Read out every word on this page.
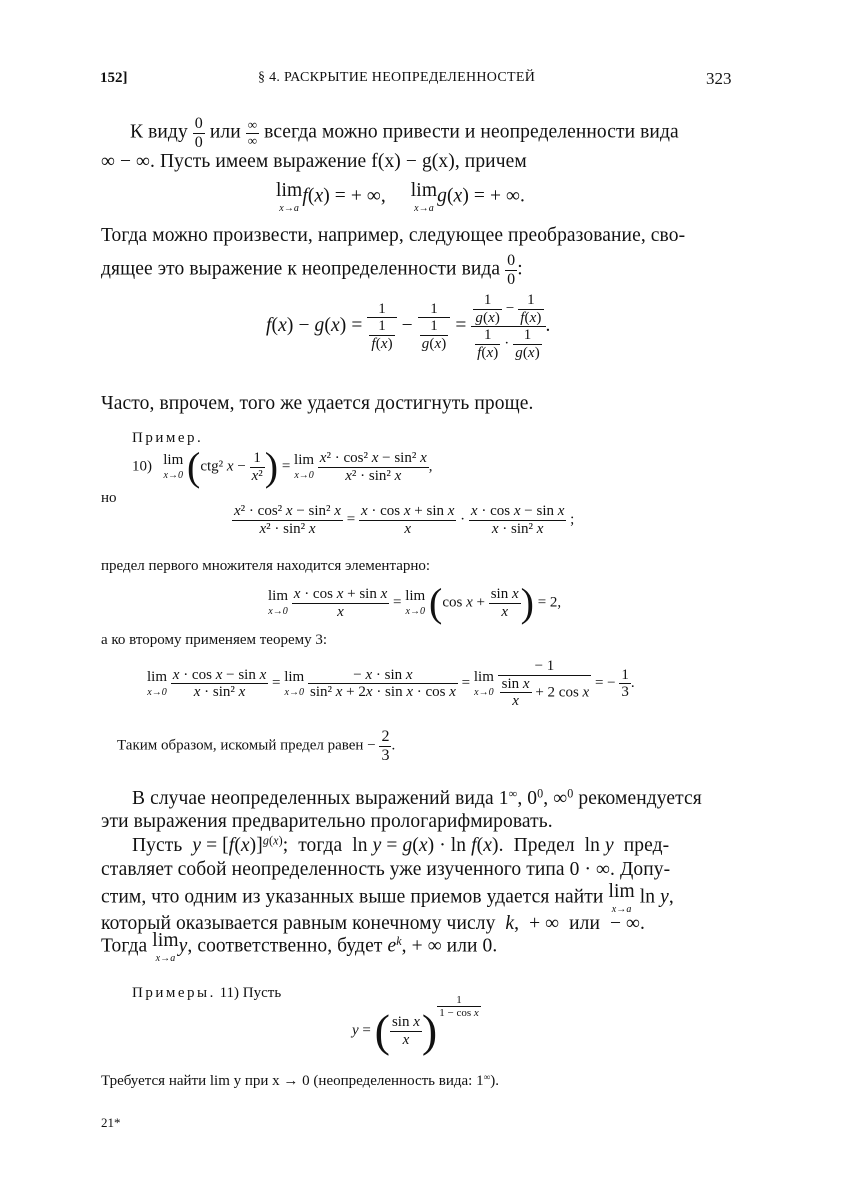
152]	§ 4. РАСКРЫТИЕ НЕОПРЕДЕЛЕННОСТЕЙ	323
К виду $\frac{0}{0}$ или $\frac{\infty}{\infty}$ всегда можно привести и неопределенности вида
∞ − ∞. Пусть имеем выражение f(x) − g(x), причем
lim
x→a
f(x) = + ∞,     lim
x→a
g(x) = + ∞.
Тогда можно произвести, например, следующее преобразование, сво-
дящее это выражение к неопределенности вида $\frac{0}{0}$ :
$f(x) - g(x) = \frac{1}{\frac{1}{f(x)}} - \frac{1}{\frac{1}{g(x)}} = \frac{\frac{1}{g(x)} - \frac{1}{f(x)}}{\frac{1}{f(x)} \cdot \frac{1}{g(x)}}$ .
Часто, впрочем, того же удается достигнуть проще.
Пример.
10) lim
x→0 (ctg² $x - \frac{1}{\text{x²}}$ ) = lim
x→0
$\frac{\text{x² · cos² x − sin² x}}{\text{x² · sin² x}}$ ,
но
$\frac{\text{x² · cos² x − sin² x}}{\text{x² · sin² x}} = \frac{\text{x · cos x + sin x}}{x} \cdot \frac{\text{x · cos x − sin x}}{\text{x · sin² x}}$ ;
предел первого множителя находится элементарно:
lim
x→0
$\frac{\text{x · cos x + sin x}}{x} = \lim$
x→0 (cos $x + \frac{\text{sin x}}{x}$ ) = 2,
а ко второму применяем теорему 3:
lim
x→0
$\frac{\text{x · cos x − sin x}}{\text{x · sin² x}} = \lim$
x→0
$\frac{\text{− x · sin x}}{\text{sin² x + 2x · sin x · cos x}} = \lim$
x→0
$\frac{- 1}{\frac{\text{sin x}}{x} + 2 \cos x}$ = − $\frac{1}{3}$ .
Таким образом, искомый предел равен − $\frac{2}{3}$ .
В случае неопределенных выражений вида 1∞, $0^0$, ∞$^0$ рекомендуется
эти выражения предварительно прологарифмировать.
Пусть $y = [f(x)]^{g(x)}$;  тогда  ln y = g(x) · ln f(x).  Предел  ln y пред-
ставляет собой неопределенность уже изученного типа 0 · ∞. Допу-
стим, что одним из указанных выше приемов удается найти lim
x→a
ln y,
который оказывается равным конечному числу k,  + ∞  или  − ∞.
Тогда lim
x→a
y, соответственно, будет $e^k$, + ∞ или 0.
Примеры. 11) Пусть
y = ( $\frac{\text{sin x}}{x}$ ) $\frac{1}{\text{1 − cos x}}$
Требуется найти lim y при x → 0 (неопределенность вида: 1∞).
21*
